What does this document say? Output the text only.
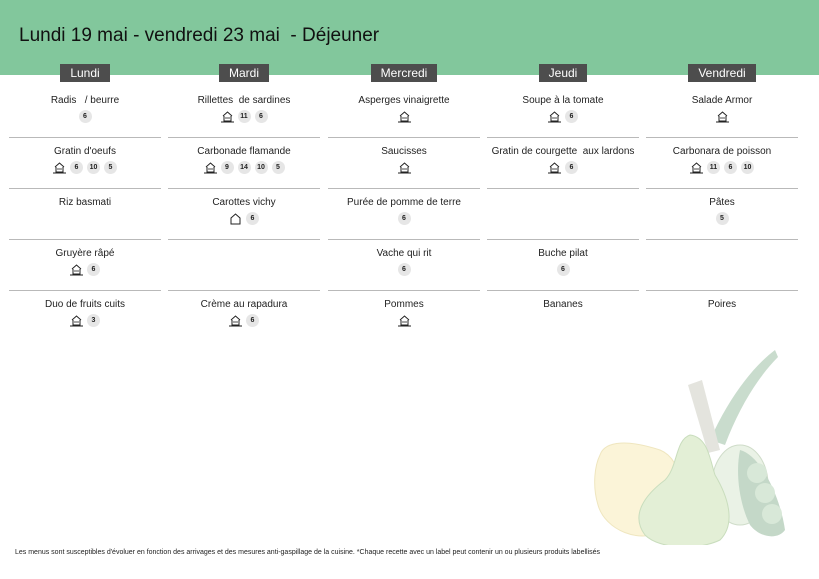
Lundi 19 mai - vendredi 23 mai  - Déjeuner
Lundi
Radis   / beurre
6
Gratin d'oeufs
6	10	5
Riz basmati
Gruyère râpé
6
Duo de fruits cuits
3
Mardi
Rillettes  de sardines
11	6
Carbonade flamande
9	14	10	5
Carottes vichy
6
Crème au rapadura
6
Mercredi
Asperges vinaigrette
Saucisses
Purée de pomme de terre
6
Vache qui rit
6
Pommes
Jeudi
Soupe à la tomate
6
Gratin de courgette  aux lardons
6
Buche pilat
6
Bananes
Vendredi
Salade Armor
Carbonara de poisson
11	6	10
Pâtes
5
Poires
Les menus sont susceptibles d'évoluer en fonction des arrivages et des mesures anti-gaspillage de la cuisine. *Chaque recette avec un label peut contenir un ou plusieurs produits labellisés
